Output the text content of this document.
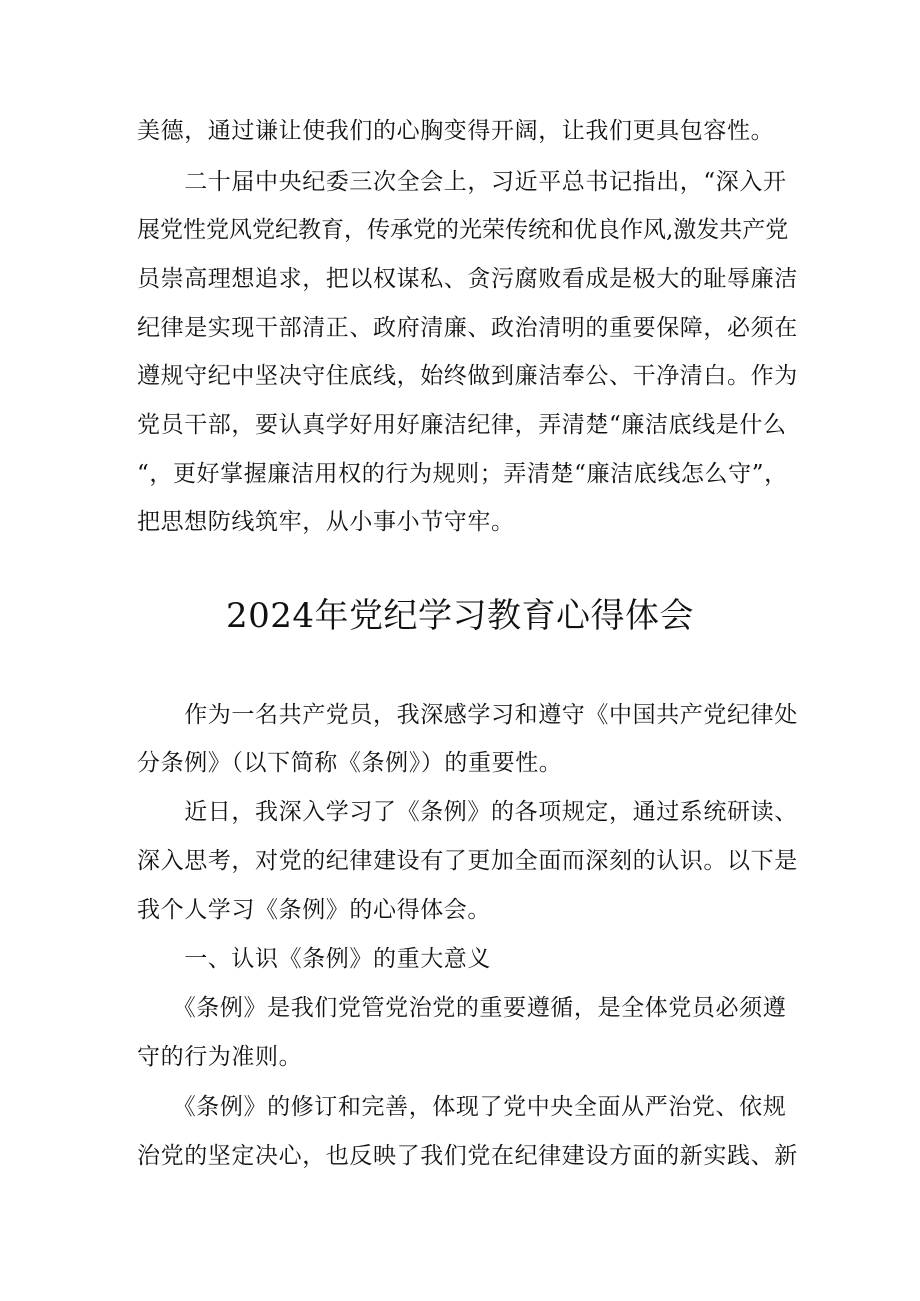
美德，通过谦让使我们的心胸变得开阔，让我们更具包容性。
　　二十届中央纪委三次全会上，习近平总书记指出，“深入开
展党性党风党纪教育，传承党的光荣传统和优良作风,激发共产党
员崇高理想追求，把以权谋私、贪污腐败看成是极大的耻辱廉洁
纪律是实现干部清正、政府清廉、政治清明的重要保障，必须在
遵规守纪中坚决守住底线，始终做到廉洁奉公、干净清白。作为
党员干部，要认真学好用好廉洁纪律，弄清楚“廉洁底线是什么
“，更好掌握廉洁用权的行为规则；弄清楚“廉洁底线怎么守”，
把思想防线筑牢，从小事小节守牢。
2024年党纪学习教育心得体会
　　作为一名共产党员，我深感学习和遵守《中国共产党纪律处
分条例》（以下简称《条例》）的重要性。
　　近日，我深入学习了《条例》的各项规定，通过系统研读、
深入思考，对党的纪律建设有了更加全面而深刻的认识。以下是
我个人学习《条例》的心得体会。
　　一、认识《条例》的重大意义
　　《条例》是我们党管党治党的重要遵循，是全体党员必须遵
守的行为准则。
　　《条例》的修订和完善，体现了党中央全面从严治党、依规
治党的坚定决心，也反映了我们党在纪律建设方面的新实践、新
